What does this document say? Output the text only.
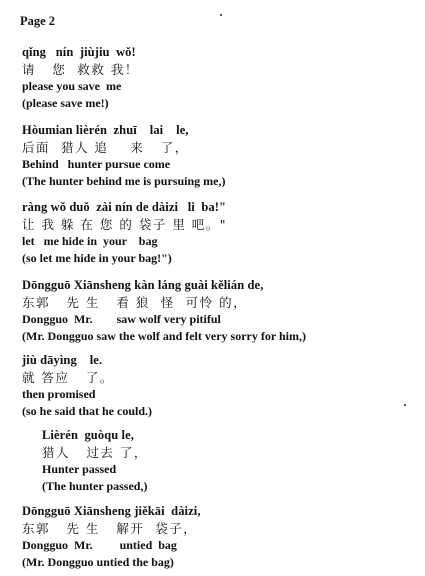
Page 2
qǐng   nín  jiùjiu  wǒ!
请   您  救救 我！
please you save  me
(please save me!)
Hòumian lièrén  zhuī    lai    le,
后面  猎人 追    来   了，
Behind   hunter pursue come
(The hunter behind me is pursuing me,)
ràng wǒ duǒ  zài nín de dàizi   li  ba!"
让 我 躲 在 您 的 袋子 里 吧。"
let   me hide in  your    bag
(so let me hide in your bag!")
Dōngguō Xiānsheng kàn láng guài kělián de,
东郭   先 生   看 狼  怪  可怜 的，
Dongguo  Mr.        saw wolf very pitiful
(Mr. Dongguo saw the wolf and felt very sorry for him,)
jiù dāyìng    le.
就 答应   了。
then promised
(so he said that he could.)
Lièrén  guòqu le,
猎人   过去 了，
Hunter passed
(The hunter passed,)
Dōngguō Xiānsheng jiěkāi  dàizi,
东郭   先 生   解开  袋子，
Dongguo  Mr.         untied  bag
(Mr. Dongguo untied the bag)
